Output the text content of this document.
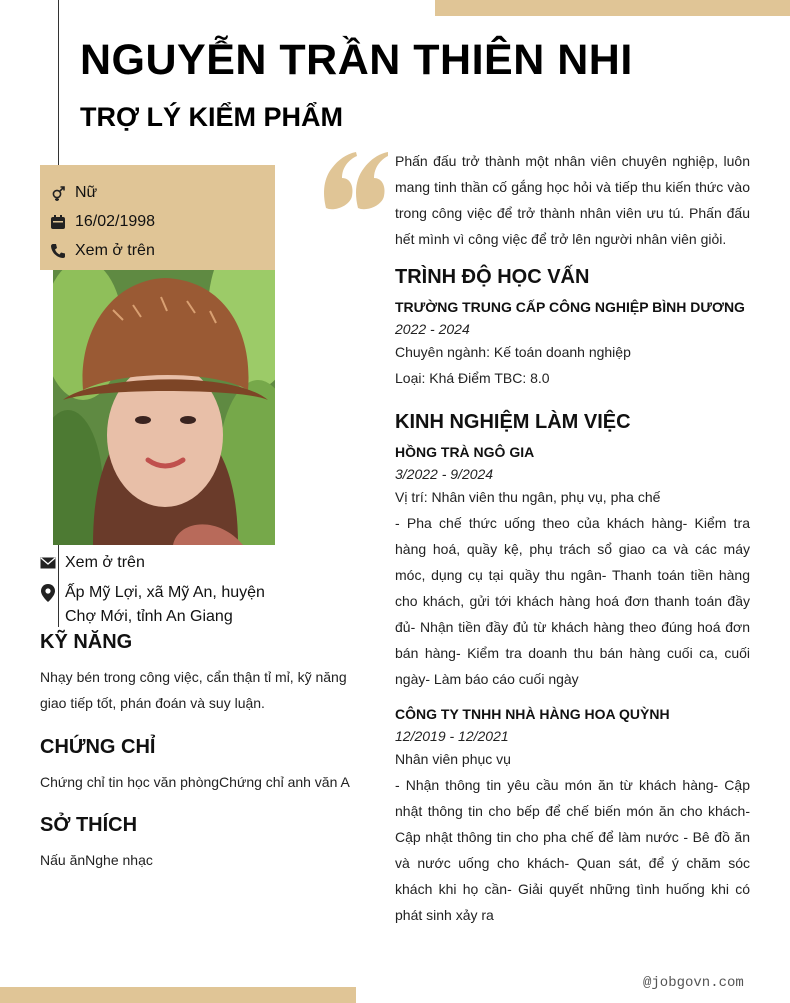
NGUYỄN TRẦN THIÊN NHI
TRỢ LÝ KIỂM PHẨM
Nữ
16/02/1998
Xem ở trên
Xem ở trên
Ấp Mỹ Lợi, xã Mỹ An, huyện
Chợ Mới, tỉnh An Giang
KỸ NĂNG

Nhạy bén trong công việc, cẩn thận tỉ mỉ, kỹ năng giao tiếp tốt, phán đoán và suy luận.

CHỨNG CHỈ

Chứng chỉ tin học văn phòngChứng chỉ anh văn A

SỞ THÍCH

Nấu ănNghe nhạc

Phấn đấu trở thành một nhân viên chuyên nghiệp, luôn mang tinh thần cố gắng học hỏi và tiếp thu kiến thức vào trong công việc để trở thành nhân viên ưu tú. Phấn đấu hết mình vì công việc để trở lên người nhân viên giỏi.

TRÌNH ĐỘ HỌC VẤN

TRƯỜNG TRUNG CẤP CÔNG NGHIỆP BÌNH DƯƠNG

2022 - 2024

Chuyên ngành: Kế toán doanh nghiệp

Loại: Khá Điểm TBC: 8.0

KINH NGHIỆM LÀM VIỆC

HỒNG TRÀ NGÔ GIA

3/2022 - 9/2024

Vị trí: Nhân viên thu ngân, phụ vụ, pha chế

- Pha chế thức uống theo của khách hàng- Kiểm tra hàng hoá, quầy kệ, phụ trách sổ giao ca và các máy móc, dụng cụ tại quầy thu ngân- Thanh toán tiền hàng cho khách, gửi tới khách hàng hoá đơn thanh toán đầy đủ- Nhận tiền đầy đủ từ khách hàng theo đúng hoá đơn bán hàng- Kiểm tra doanh thu bán hàng cuối ca, cuối ngày- Làm báo cáo cuối ngày

CÔNG TY TNHH NHÀ HÀNG HOA QUỲNH

12/2019 - 12/2021

Nhân viên phục vụ

- Nhận thông tin yêu cầu món ăn từ khách hàng- Cập nhật thông tin cho bếp để chế biến món ăn cho khách- Cập nhật thông tin cho pha chế để làm nước - Bê đồ ăn và nước uống cho khách- Quan sát, để ý chăm sóc khách khi họ cần- Giải quyết những tình huống khi có phát sinh xảy ra

@jobgovn.com
